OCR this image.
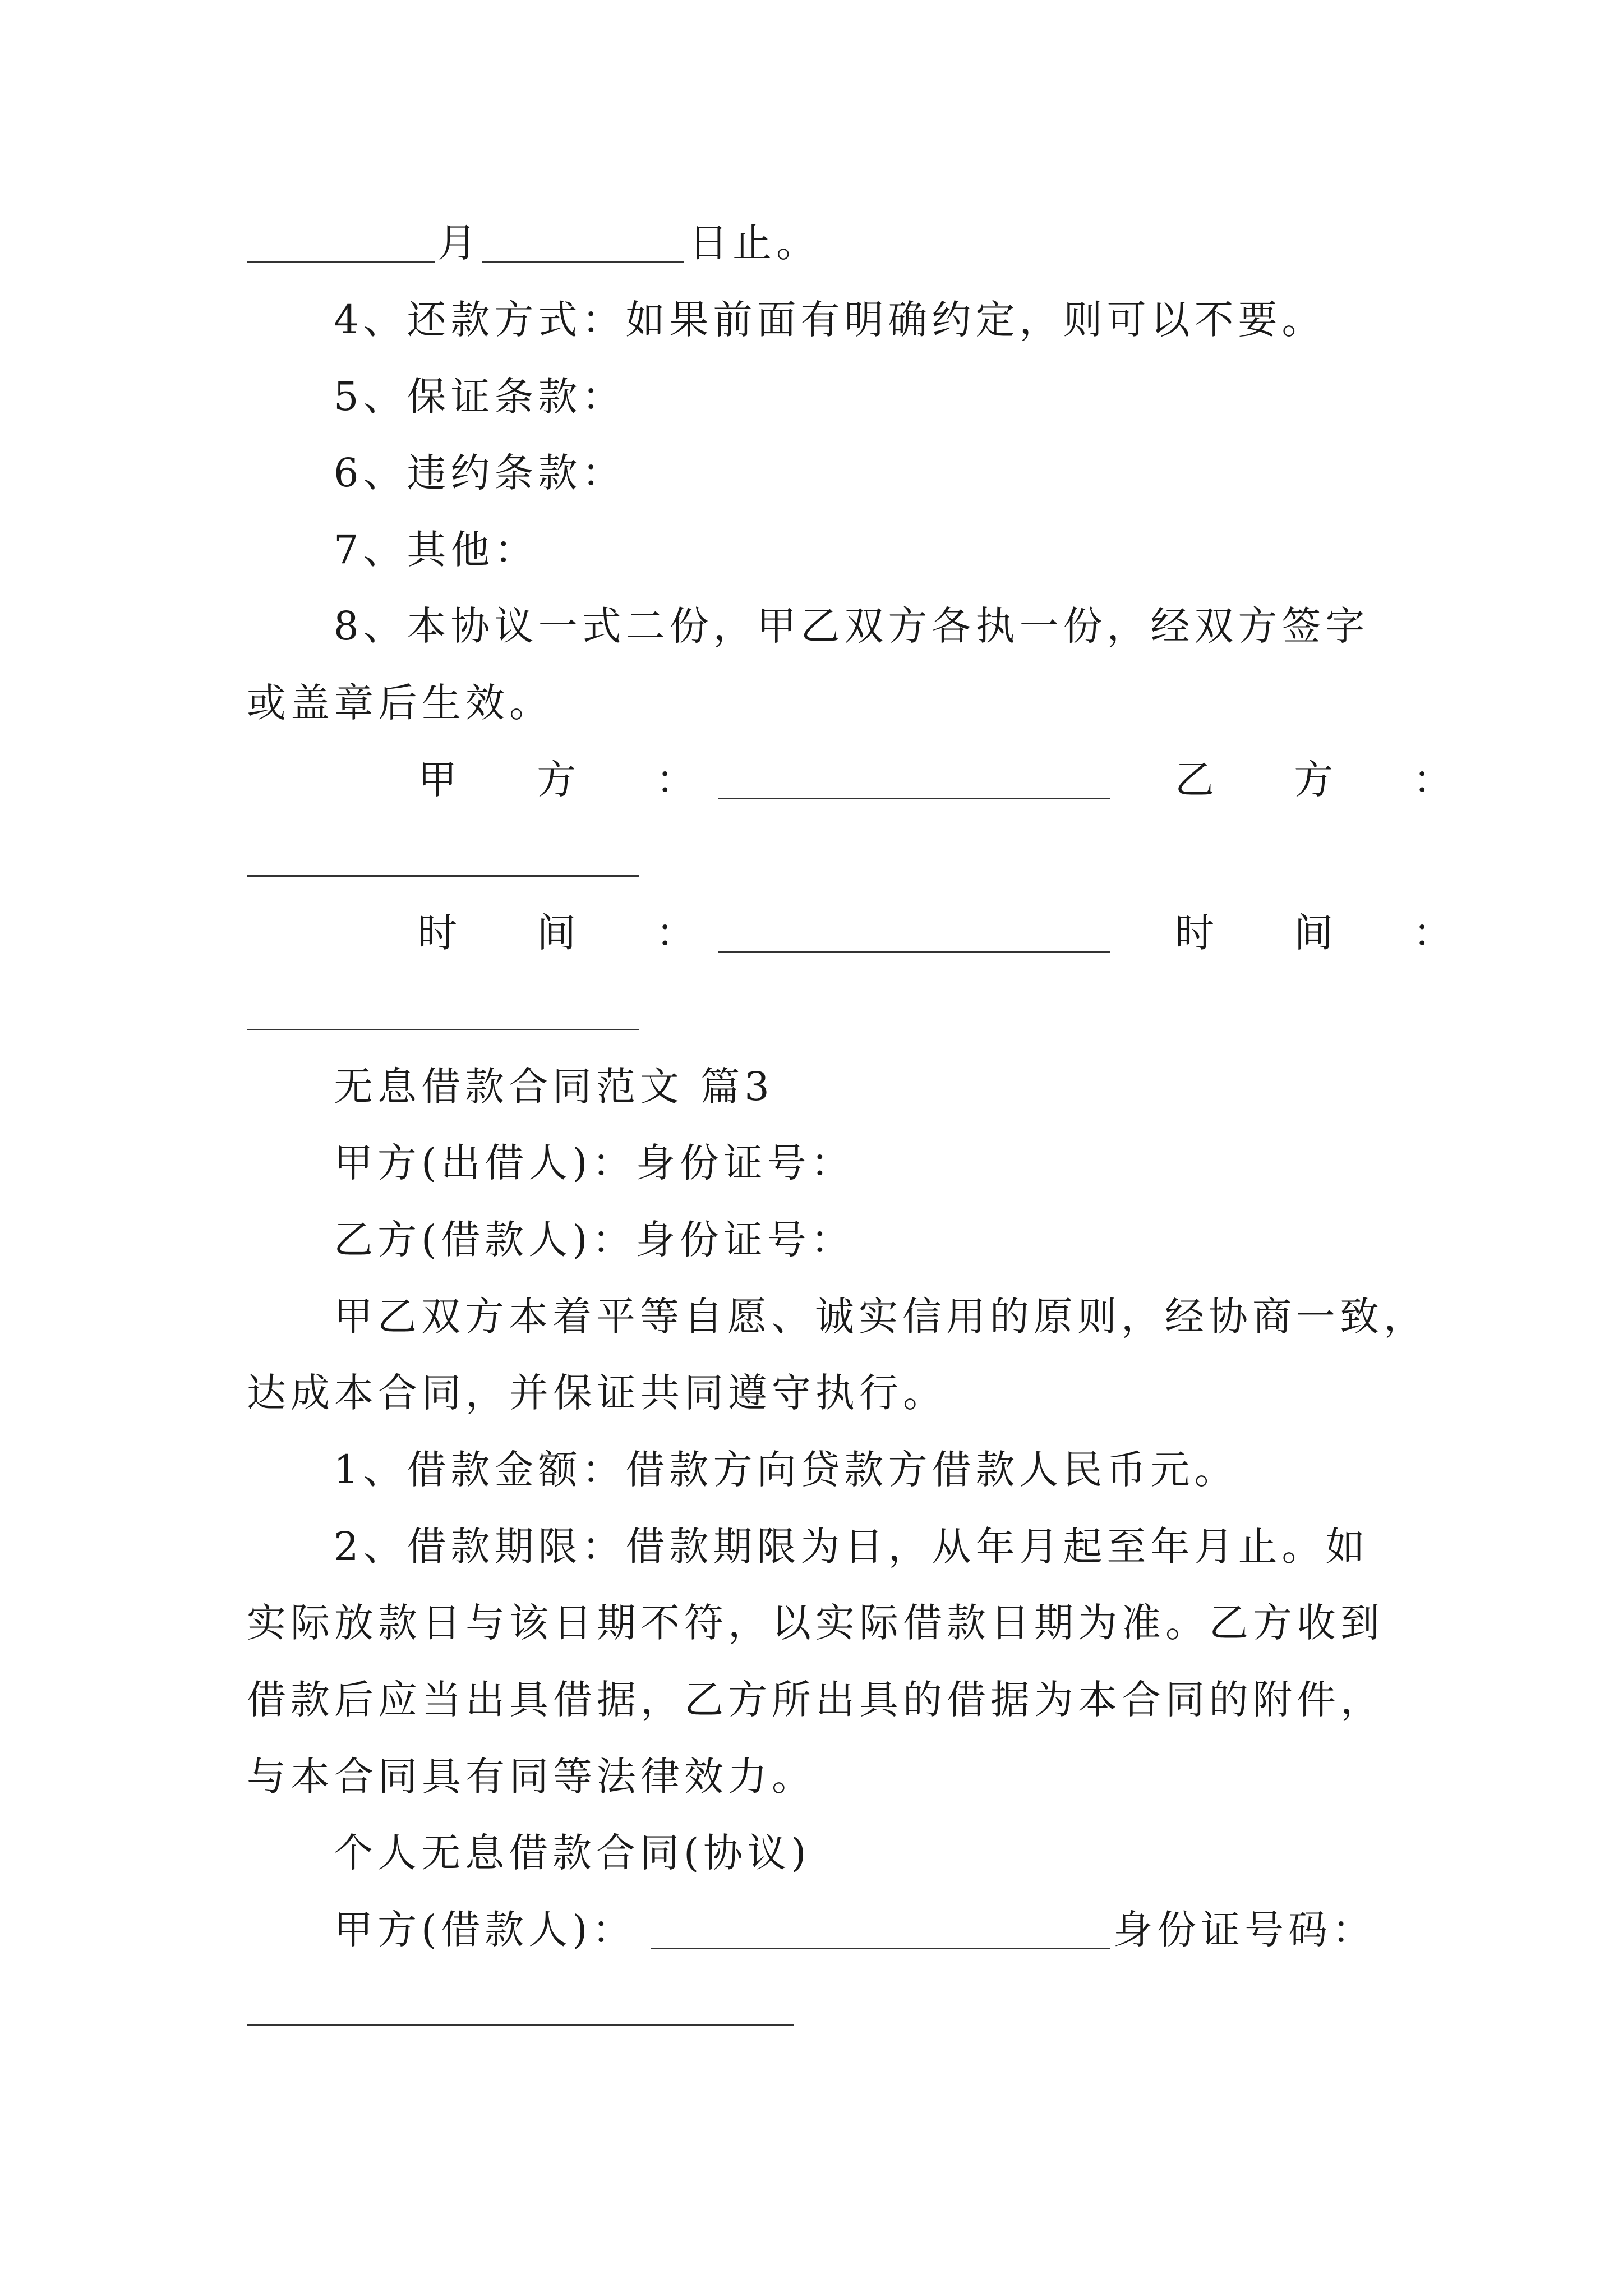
月	日止。
4、还款方式：如果前面有明确约定，则可以不要。
5、保证条款：
6、违约条款：
7、其他：
8、本协议一式二份，甲乙双方各执一份，经双方签字
或盖章后生效。
甲 方 ：	乙 方 ：
时 间 ：	时 间 ：
无息借款合同范文 篇3
甲方(出借人)：身份证号：
乙方(借款人)：身份证号：
甲乙双方本着平等自愿、诚实信用的原则，经协商一致，
达成本合同，并保证共同遵守执行。
1、借款金额：借款方向贷款方借款人民币元。
2、借款期限：借款期限为日，从年月起至年月止。如
实际放款日与该日期不符，以实际借款日期为准。乙方收到
借款后应当出具借据，乙方所出具的借据为本合同的附件，
与本合同具有同等法律效力。
个人无息借款合同(协议)
甲方(借款人)：	身份证号码：
